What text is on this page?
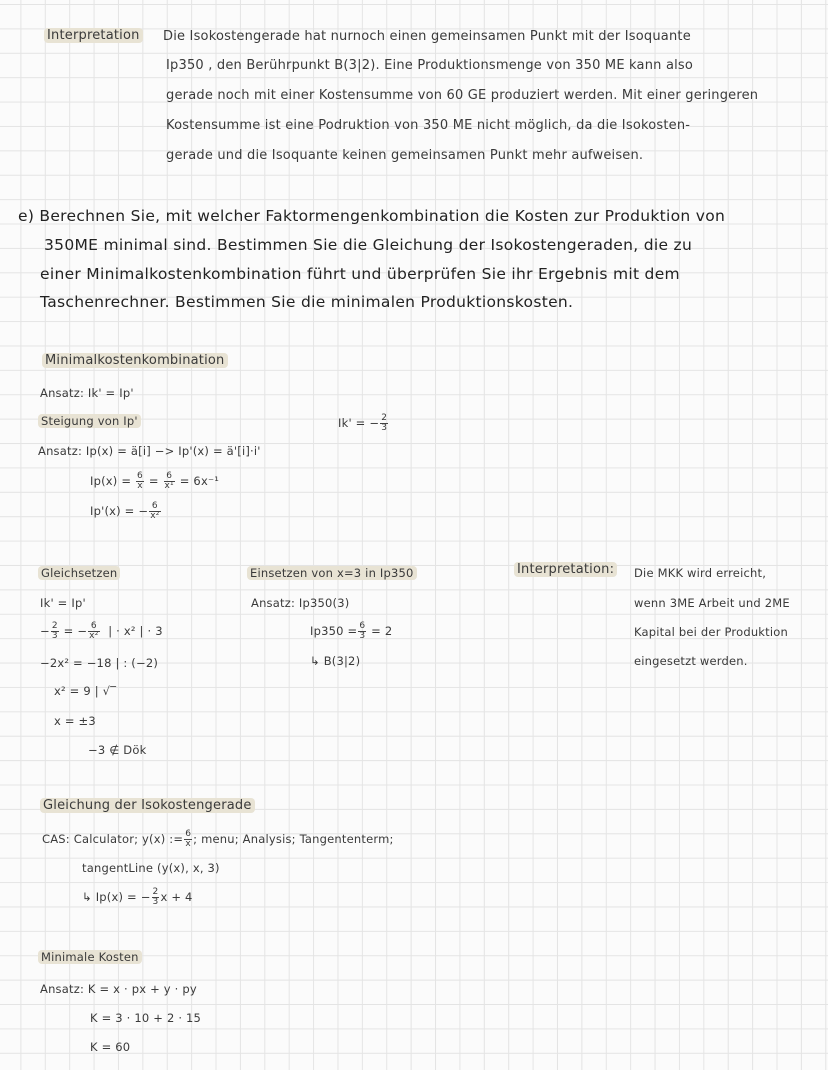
Interpretation Die Isokostengerade hat nurnoch einen gemeinsamen Punkt mit der Isoquante
Ip350 , den Berührpunkt B(3|2). Eine Produktionsmenge von 350 ME kann also
gerade noch mit einer Kostensumme von 60 GE produziert werden. Mit einer geringeren
Kostensumme ist eine Podruktion von 350 ME nicht möglich, da die Isokosten-
gerade und die Isoquante keinen gemeinsamen Punkt mehr aufweisen.
e) Berechnen Sie, mit welcher Faktormengenkombination die Kosten zur Produktion von
350ME minimal sind. Bestimmen Sie die Gleichung der Isokostengeraden, die zu
einer Minimalkostenkombination führt und überprüfen Sie ihr Ergebnis mit dem
Taschenrechner. Bestimmen Sie die minimalen Produktionskosten.
Minimalkostenkombination
Ansatz: Ik' = Ip'
Steigung von Ip'	Ik' = − $\frac{2}{3}$
Ansatz: Ip(x) = ä[i] −> Ip'(x) = ä'[i]·i'
$Ip(x) = \frac{6}{x} = \frac{6}{\text{x¹}} = 6x^{-1}$
Ip'(x) = − $\frac{6}{\text{x²}}$
Gleichsetzen
Ik' = Ip'
− $\frac{2}{3}$ = − $\frac{6}{\text{x²}}$ | · x² | · 3
−2x² = −18 | : (−2)
x² = 9 | √‾
x = ±3
−3 ∉ Dök
Einsetzen von x=3 in Ip350
Ansatz: Ip350(3)
$Ip350 = \frac{6}{3} = 2$
↳ B(3|2)
Interpretation: Die MKK wird erreicht,
wenn 3ME Arbeit und 2ME
Kapital bei der Produktion
eingesetzt werden.
Gleichung der Isokostengerade
CAS: Calculator; y(x) := $\frac{6}{x}$ ; menu; Analysis; Tangententerm;
tangentLine (y(x), x, 3)
↳ Ip(x) = − $\frac{2}{3}$ x + 4
Minimale Kosten
Ansatz: K = x · px + y · py
K = 3 · 10 + 2 · 15
K = 60
